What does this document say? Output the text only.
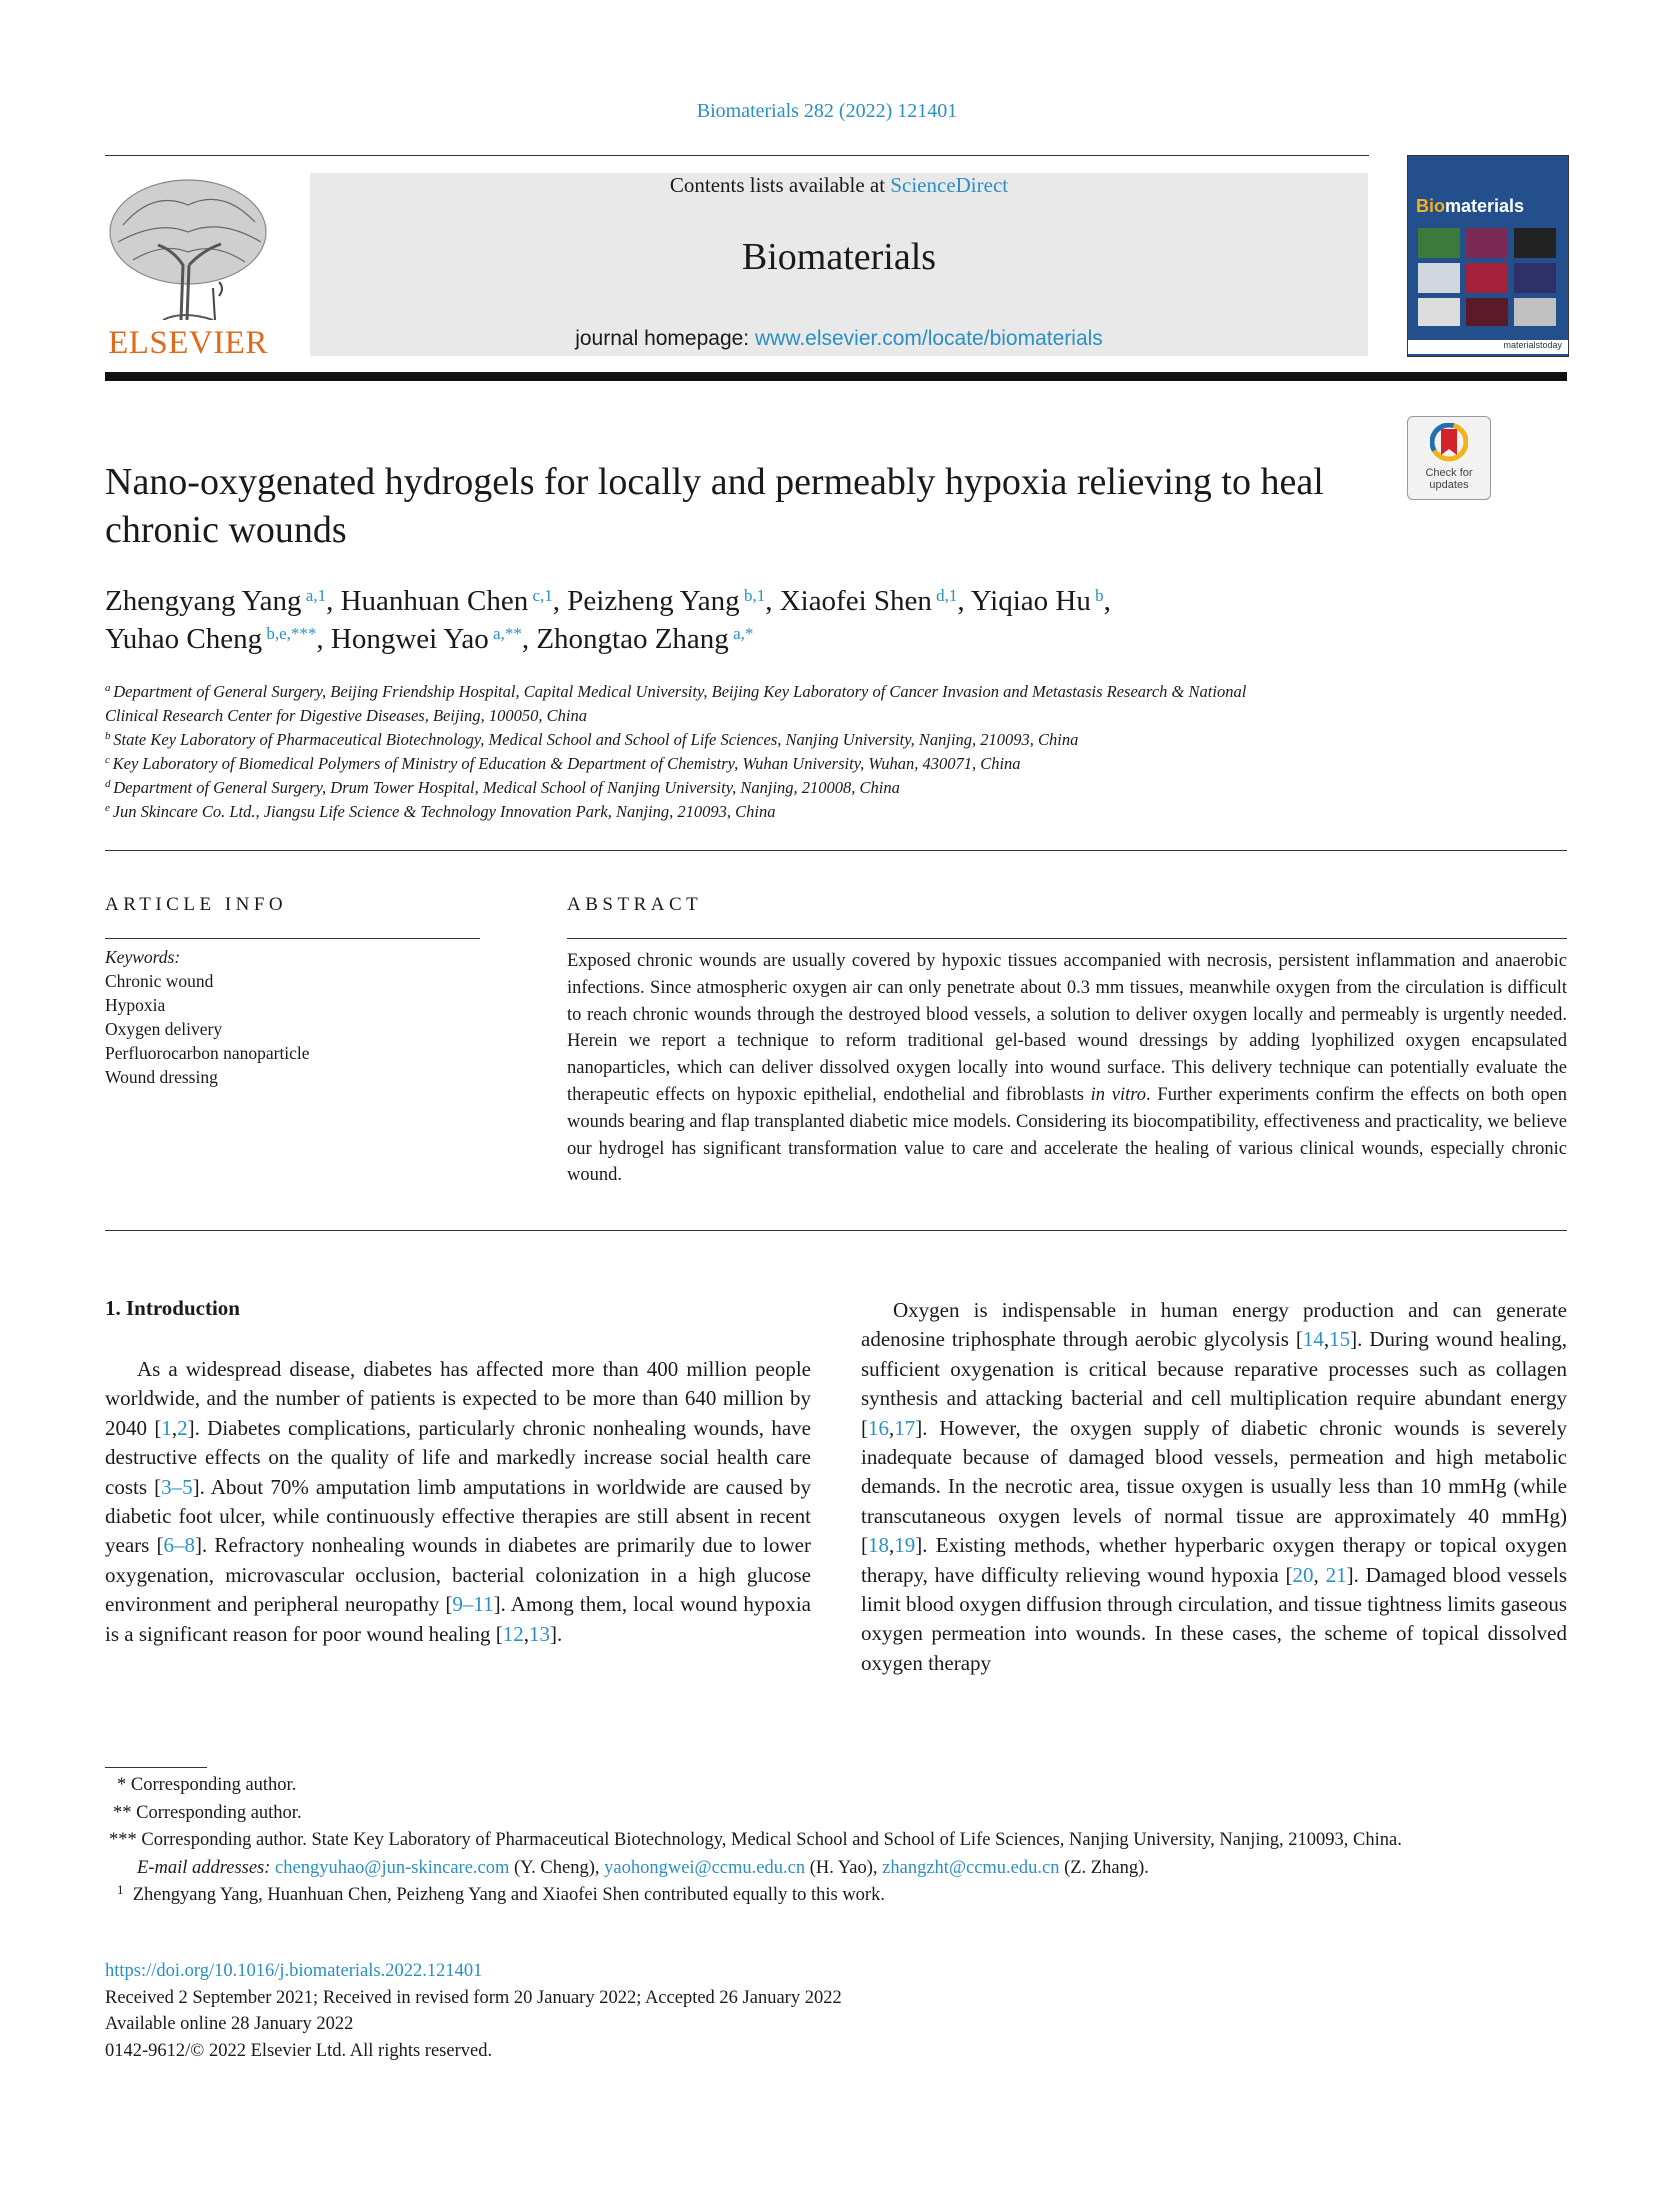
Biomaterials 282 (2022) 121401
ELSEVIER
Contents lists available at ScienceDirect
Biomaterials
journal homepage: www.elsevier.com/locate/biomaterials
Biomaterials
materialstoday
Check for updates
Nano-oxygenated hydrogels for locally and permeably hypoxia relieving to heal chronic wounds
Zhengyang Yang $^{a,1}$, Huanhuan Chen $^{c,1}$, Peizheng Yang $^{b,1}$, Xiaofei Shen $^{d,1}$, Yiqiao Hu $^b$,
Yuhao Cheng $^{b,e,***}$, Hongwei Yao $^{a,**}$, Zhongtao Zhang $^{a,*}$
$^a$ Department of General Surgery, Beijing Friendship Hospital, Capital Medical University, Beijing Key Laboratory of Cancer Invasion and Metastasis Research & National
Clinical Research Center for Digestive Diseases, Beijing, 100050, China
$^b$ State Key Laboratory of Pharmaceutical Biotechnology, Medical School and School of Life Sciences, Nanjing University, Nanjing, 210093, China
$^c$ Key Laboratory of Biomedical Polymers of Ministry of Education & Department of Chemistry, Wuhan University, Wuhan, 430071, China
$^d$ Department of General Surgery, Drum Tower Hospital, Medical School of Nanjing University, Nanjing, 210008, China
$^e$ Jun Skincare Co. Ltd., Jiangsu Life Science & Technology Innovation Park, Nanjing, 210093, China
ARTICLE INFO	ABSTRACT
Keywords:
Chronic wound
Hypoxia
Oxygen delivery
Perfluorocarbon nanoparticle
Wound dressing
Exposed chronic wounds are usually covered by hypoxic tissues accompanied with necrosis, persistent inflammation and anaerobic infections. Since atmospheric oxygen air can only penetrate about 0.3 mm tissues, meanwhile oxygen from the circulation is difficult to reach chronic wounds through the destroyed blood vessels, a solution to deliver oxygen locally and permeably is urgently needed. Herein we report a technique to reform traditional gel-based wound dressings by adding lyophilized oxygen encapsulated nanoparticles, which can deliver dissolved oxygen locally into wound surface. This delivery technique can potentially evaluate the therapeutic effects on hypoxic epithelial, endothelial and fibroblasts in vitro. Further experiments confirm the effects on both open wounds bearing and flap transplanted diabetic mice models. Considering its biocompatibility, effectiveness and practicality, we believe our hydrogel has significant transformation value to care and accelerate the healing of various clinical wounds, especially chronic wound.
1. Introduction

As a widespread disease, diabetes has affected more than 400 million people worldwide, and the number of patients is expected to be more than 640 million by 2040 [1,2]. Diabetes complications, particularly chronic nonhealing wounds, have destructive effects on the quality of life and markedly increase social health care costs [3–5]. About 70% amputation limb amputations in worldwide are caused by diabetic foot ulcer, while continuously effective therapies are still absent in recent years [6–8]. Refractory nonhealing wounds in diabetes are primarily due to lower oxygenation, microvascular occlusion, bacterial colonization in a high glucose environment and peripheral neuropathy [9–11]. Among them, local wound hypoxia is a significant reason for poor wound healing [12,13].

Oxygen is indispensable in human energy production and can generate adenosine triphosphate through aerobic glycolysis [14,15]. During wound healing, sufficient oxygenation is critical because reparative processes such as collagen synthesis and attacking bacterial and cell multiplication require abundant energy [16,17]. However, the oxygen supply of diabetic chronic wounds is severely inadequate because of damaged blood vessels, permeation and high metabolic demands. In the necrotic area, tissue oxygen is usually less than 10 mmHg (while transcutaneous oxygen levels of normal tissue are approximately 40 mmHg) [18,19]. Existing methods, whether hyperbaric oxygen therapy or topical oxygen therapy, have difficulty relieving wound hypoxia [20, 21]. Damaged blood vessels limit blood oxygen diffusion through circulation, and tissue tightness limits gaseous oxygen permeation into wounds. In these cases, the scheme of topical dissolved oxygen therapy

* Corresponding author.
** Corresponding author.
*** Corresponding author. State Key Laboratory of Pharmaceutical Biotechnology, Medical School and School of Life Sciences, Nanjing University, Nanjing, 210093, China.
E-mail addresses: chengyuhao@jun-skincare.com (Y. Cheng), yaohongwei@ccmu.edu.cn (H. Yao), zhangzht@ccmu.edu.cn (Z. Zhang).
$^1$ Zhengyang Yang, Huanhuan Chen, Peizheng Yang and Xiaofei Shen contributed equally to this work.
https://doi.org/10.1016/j.biomaterials.2022.121401
Received 2 September 2021; Received in revised form 20 January 2022; Accepted 26 January 2022
Available online 28 January 2022
0142-9612/© 2022 Elsevier Ltd. All rights reserved.
